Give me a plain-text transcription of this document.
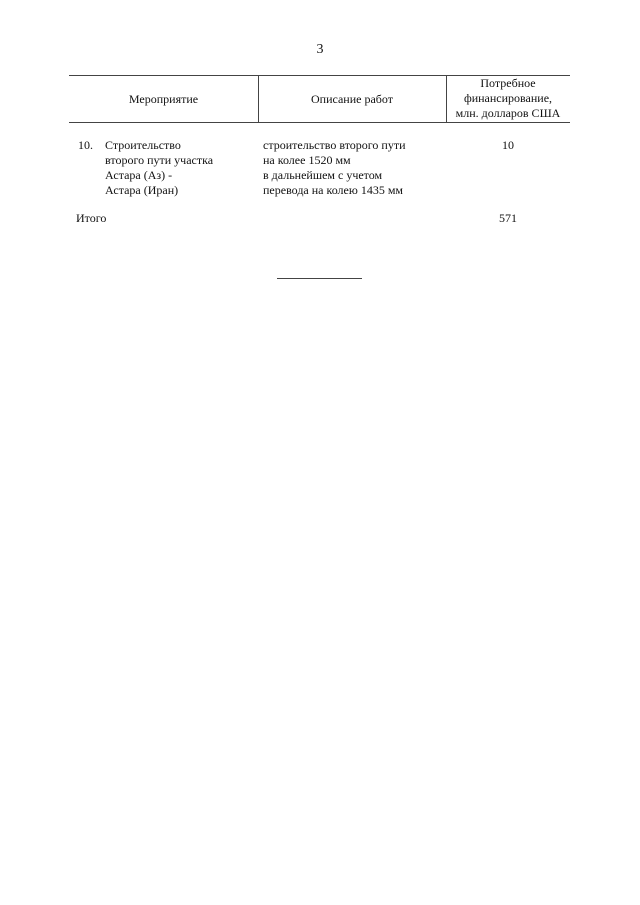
3
Мероприятие	Описание работ
Потребное
финансирование,
млн. долларов США
10. Строительство
второго пути участка
Астара (Аз) -
Астара (Иран)
строительство второго пути
на колее 1520 мм
в дальнейшем с учетом
перевода на колею 1435 мм
10
Итого	571
